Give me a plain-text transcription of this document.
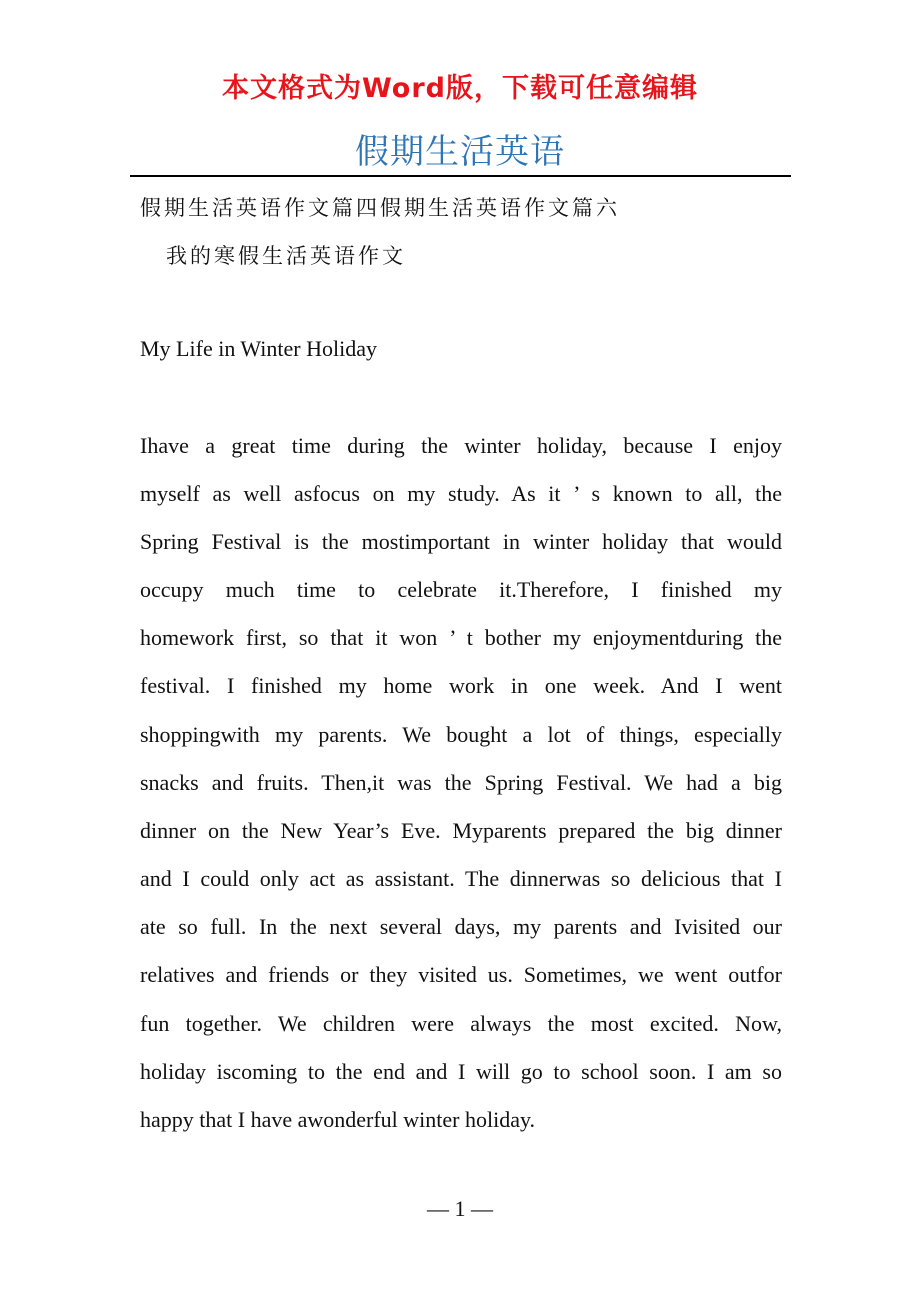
本文格式为Word版，下载可任意编辑
假期生活英语
假期生活英语作文篇四假期生活英语作文篇六
我的寒假生活英语作文
My Life in Winter Holiday
Ihave a great time during the winter holiday, because I enjoy
myself as well asfocus on my study. As it ’ s known to all, the
Spring Festival is the mostimportant in winter holiday that would
occupy much time to celebrate it.Therefore, I finished my
homework first, so that it won ’ t bother my enjoymentduring the
festival. I finished my home work in one week. And I went
shoppingwith my parents. We bought a lot of things, especially
snacks and fruits. Then,it was the Spring Festival. We had a big
dinner on the New Year’s Eve. Myparents prepared the big dinner
and I could only act as assistant. The dinnerwas so delicious that I
ate so full. In the next several days, my parents and Ivisited our
relatives and friends or they visited us. Sometimes, we went outfor
fun together. We children were always the most excited. Now,
holiday iscoming to the end and I will go to school soon. I am so
happy that I have awonderful winter holiday.
— 1 —
